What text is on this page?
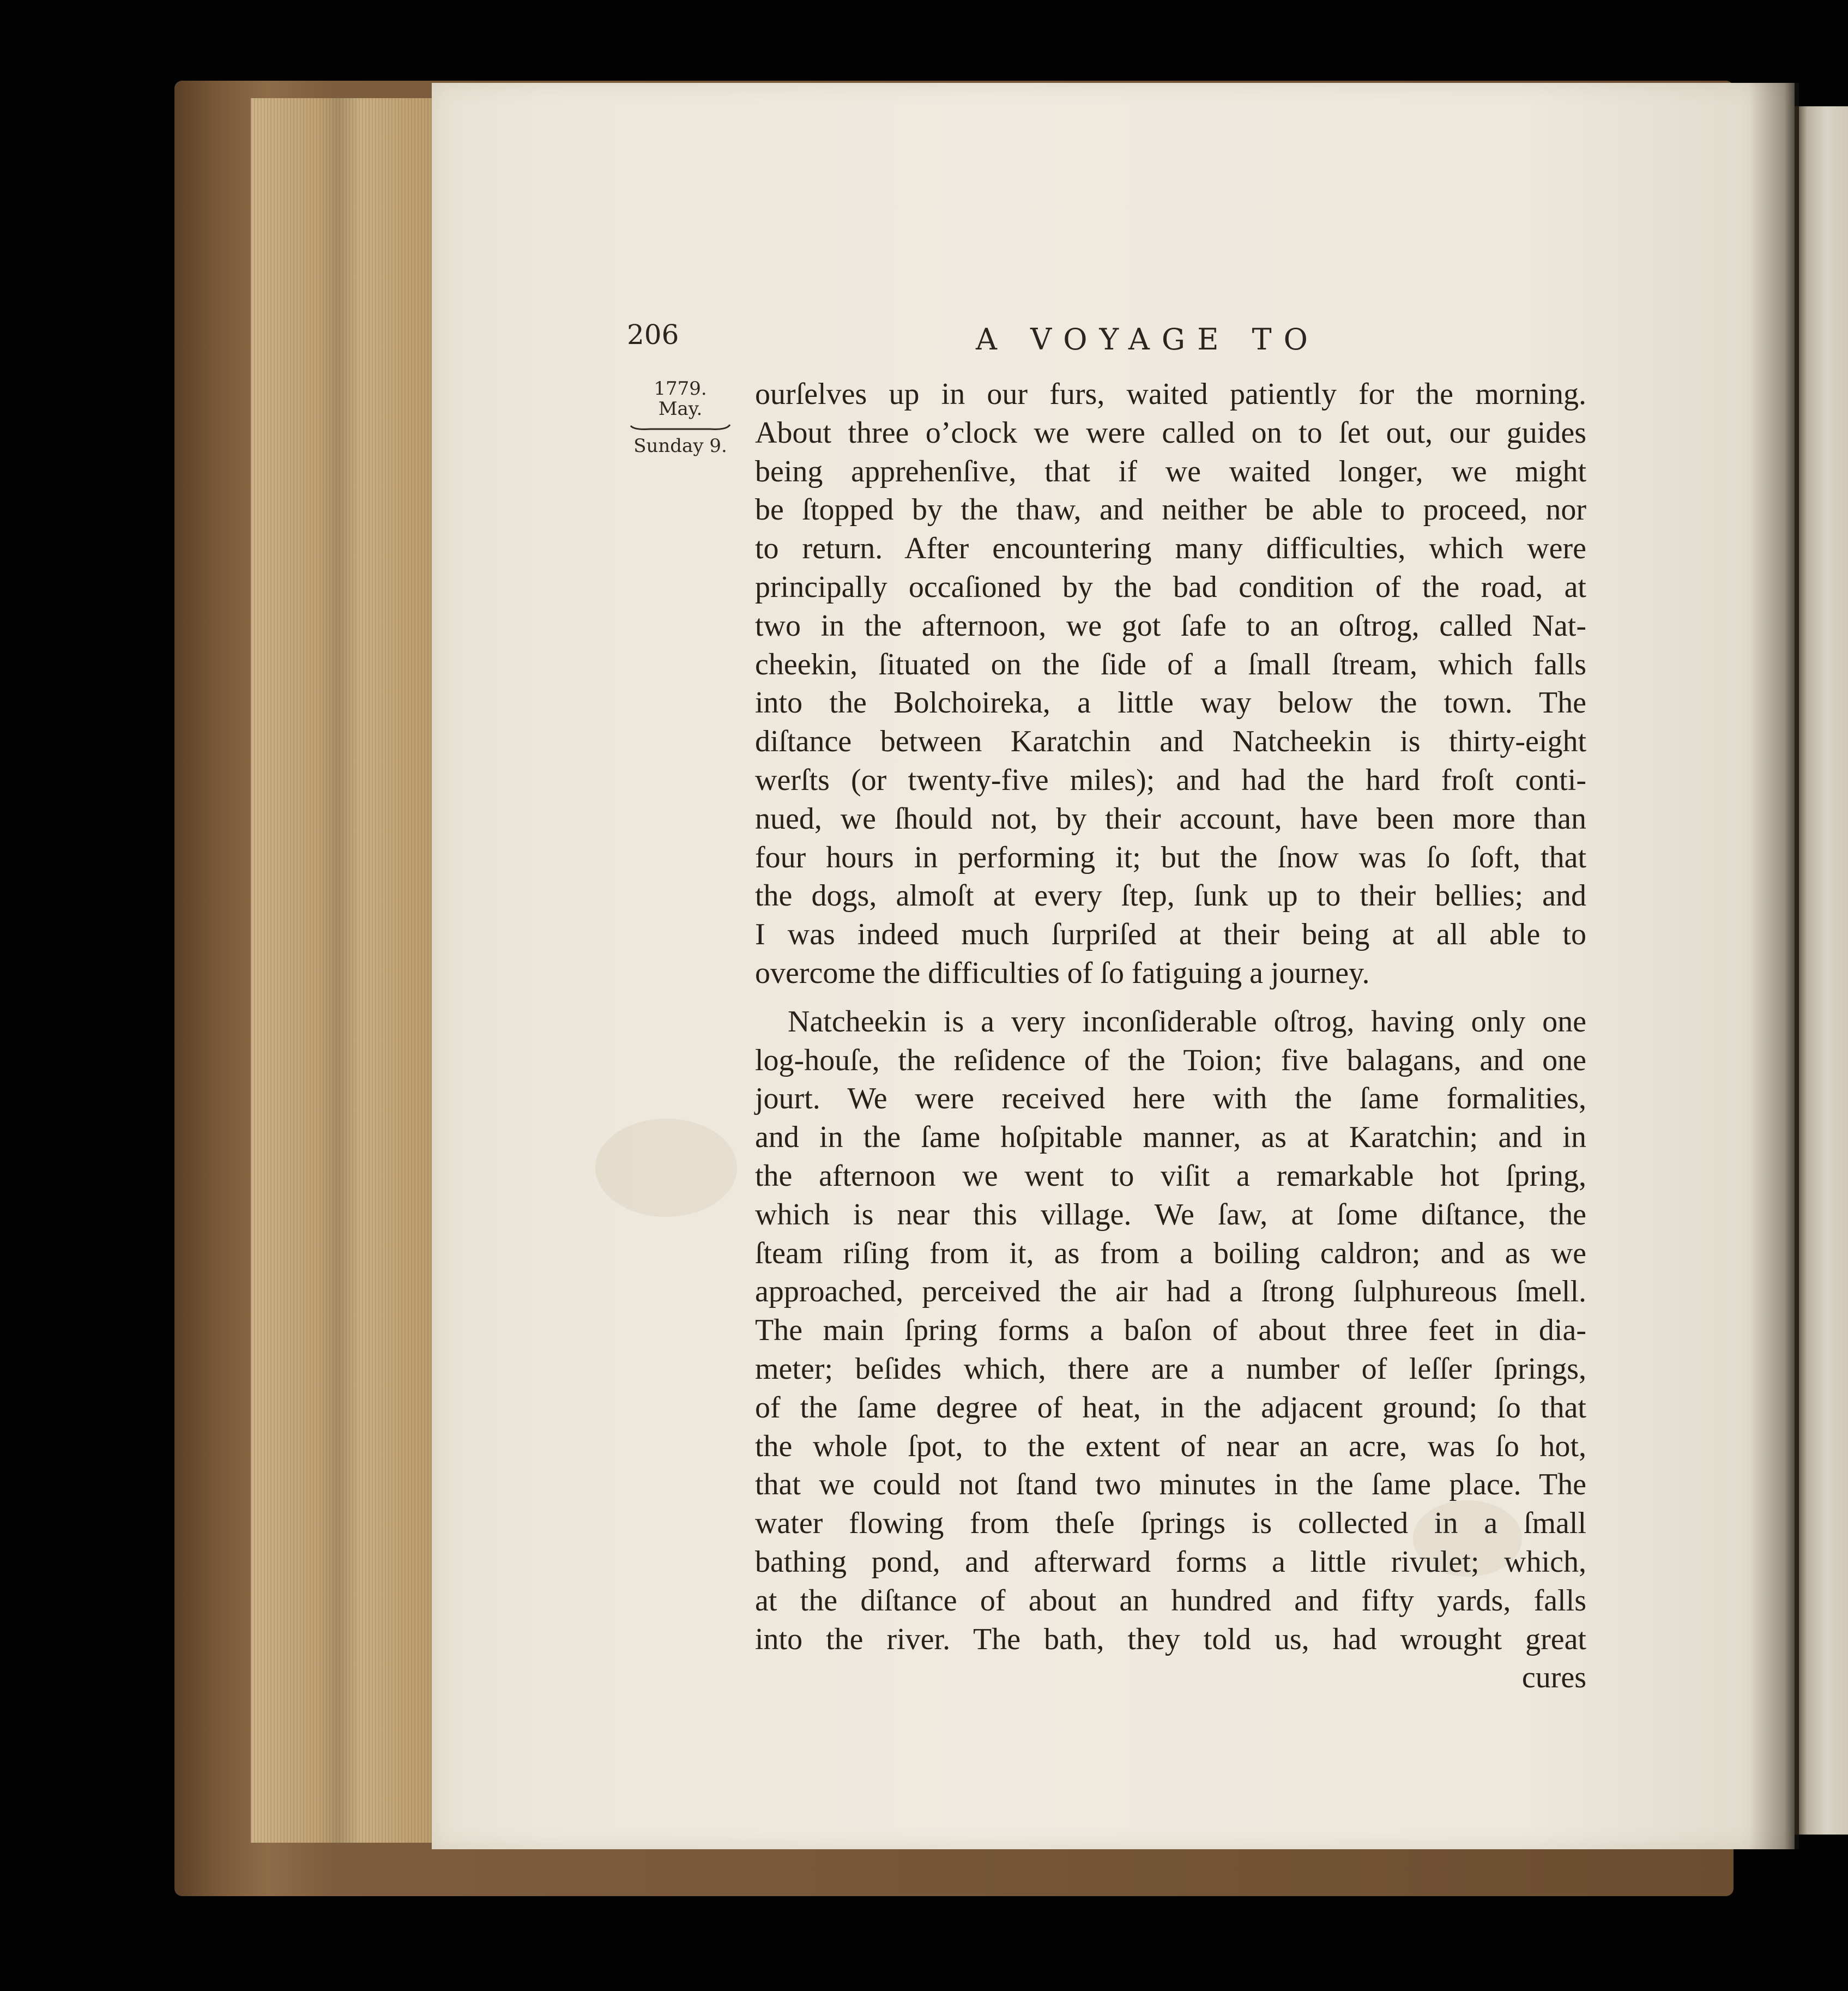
206	A VOYAGE TO
1779.
May.
Sunday 9.
ourſelves up in our furs, waited patiently for the morning.
About three o’clock we were called on to ſet out, our guides
being apprehenſive, that if we waited longer, we might
be ſtopped by the thaw, and neither be able to proceed, nor
to return. After encountering many difficulties, which were
principally occaſioned by the bad condition of the road, at
two in the afternoon, we got ſafe to an oſtrog, called Nat-
cheekin, ſituated on the ſide of a ſmall ſtream, which falls
into the Bolchoireka, a little way below the town. The
diſtance between Karatchin and Natcheekin is thirty-eight
werſts (or twenty-five miles); and had the hard froſt conti-
nued, we ſhould not, by their account, have been more than
four hours in performing it; but the ſnow was ſo ſoft, that
the dogs, almoſt at every ſtep, ſunk up to their bellies; and
I was indeed much ſurpriſed at their being at all able to
overcome the difficulties of ſo fatiguing a journey.
Natcheekin is a very inconſiderable oſtrog, having only one
log-houſe, the reſidence of the Toion; five balagans, and one
jourt. We were received here with the ſame formalities,
and in the ſame hoſpitable manner, as at Karatchin; and in
the afternoon we went to viſit a remarkable hot ſpring,
which is near this village. We ſaw, at ſome diſtance, the
ſteam riſing from it, as from a boiling caldron; and as we
approached, perceived the air had a ſtrong ſulphureous ſmell.
The main ſpring forms a baſon of about three feet in dia-
meter; beſides which, there are a number of leſſer ſprings,
of the ſame degree of heat, in the adjacent ground; ſo that
the whole ſpot, to the extent of near an acre, was ſo hot,
that we could not ſtand two minutes in the ſame place. The
water flowing from theſe ſprings is collected in a ſmall
bathing pond, and afterward forms a little rivulet; which,
at the diſtance of about an hundred and fifty yards, falls
into the river. The bath, they told us, had wrought great
cures
